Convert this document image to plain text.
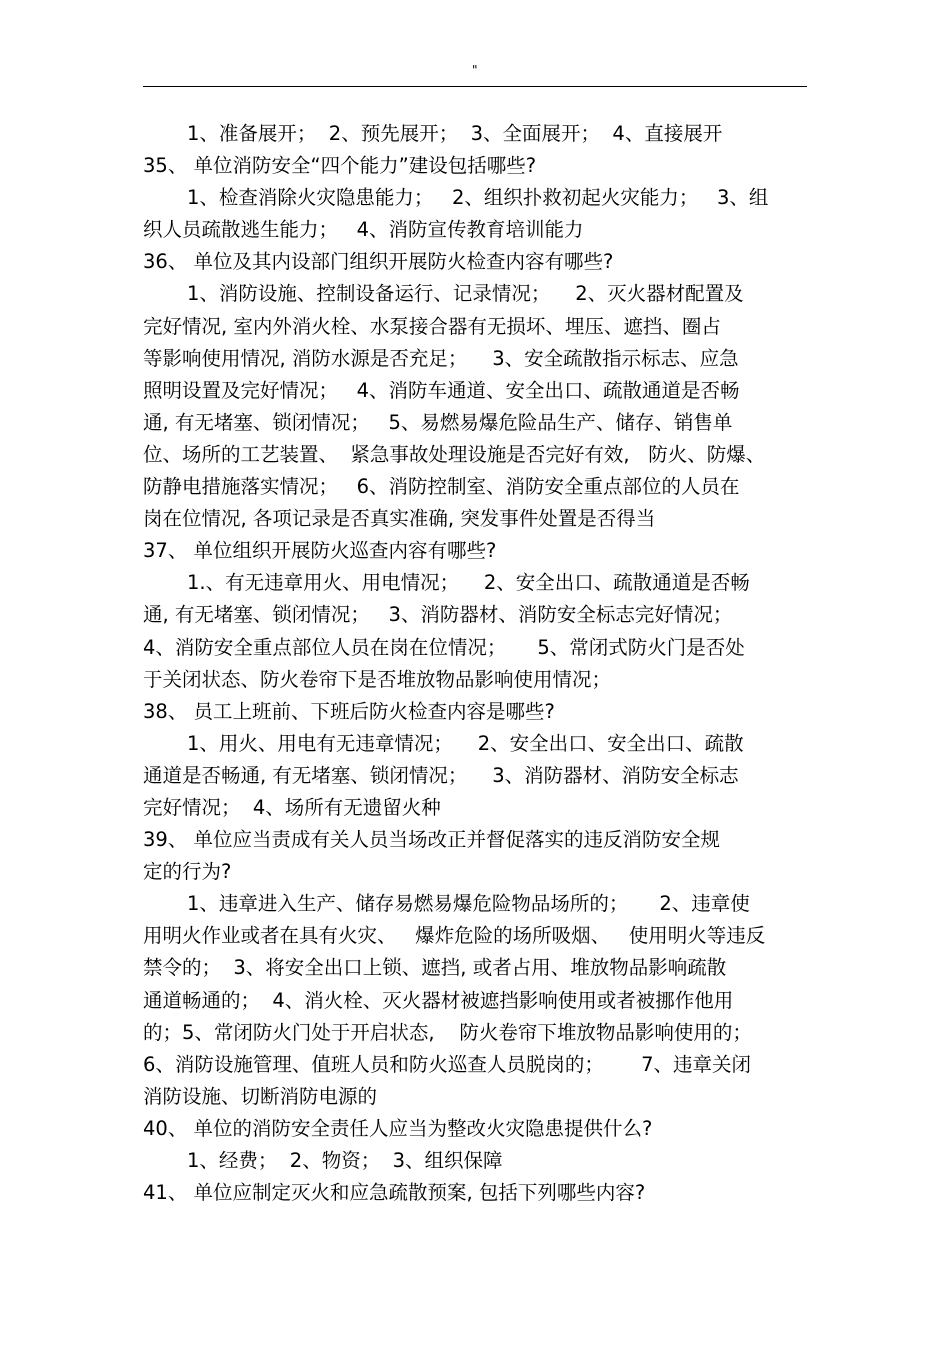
"
1、准备展开；  2、预先展开；  3、全面展开；  4、直接展开
35、 单位消防安全“四个能力”建设包括哪些?
1、检查消除火灾隐患能力；   2、组织扑救初起火灾能力；   3、组
织人员疏散逃生能力；   4、消防宣传教育培训能力
36、 单位及其内设部门组织开展防火检查内容有哪些?
1、消防设施、控制设备运行、记录情况；    2、灭火器材配置及
完好情况, 室内外消火栓、水泵接合器有无损坏、埋压、遮挡、圈占
等影响使用情况, 消防水源是否充足；    3、安全疏散指示标志、应急
照明设置及完好情况；   4、消防车通道、安全出口、疏散通道是否畅
通, 有无堵塞、锁闭情况；   5、易燃易爆危险品生产、储存、销售单
位、场所的工艺装置、  紧急事故处理设施是否完好有效,   防火、防爆、
防静电措施落实情况；   6、消防控制室、消防安全重点部位的人员在
岗在位情况, 各项记录是否真实准确, 突发事件处置是否得当
37、 单位组织开展防火巡查内容有哪些?
1.、有无违章用火、用电情况；    2、安全出口、疏散通道是否畅
通, 有无堵塞、锁闭情况；   3、消防器材、消防安全标志完好情况；
4、消防安全重点部位人员在岗在位情况；     5、常闭式防火门是否处
于关闭状态、防火卷帘下是否堆放物品影响使用情况；
38、 员工上班前、下班后防火检查内容是哪些?
1、用火、用电有无违章情况；    2、安全出口、安全出口、疏散
通道是否畅通, 有无堵塞、锁闭情况；    3、消防器材、消防安全标志
完好情况；  4、场所有无遗留火种
39、 单位应当责成有关人员当场改正并督促落实的违反消防安全规
定的行为?
1、违章进入生产、储存易燃易爆危险物品场所的；     2、违章使
用明火作业或者在具有火灾、   爆炸危险的场所吸烟、   使用明火等违反
禁令的；  3、将安全出口上锁、遮挡, 或者占用、堆放物品影响疏散
通道畅通的；  4、消火栓、灭火器材被遮挡影响使用或者被挪作他用
的；5、常闭防火门处于开启状态,    防火卷帘下堆放物品影响使用的；
6、消防设施管理、值班人员和防火巡查人员脱岗的；      7、违章关闭
消防设施、切断消防电源的
40、 单位的消防安全责任人应当为整改火灾隐患提供什么?
1、经费；  2、物资；  3、组织保障
41、 单位应制定灭火和应急疏散预案, 包括下列哪些内容?
